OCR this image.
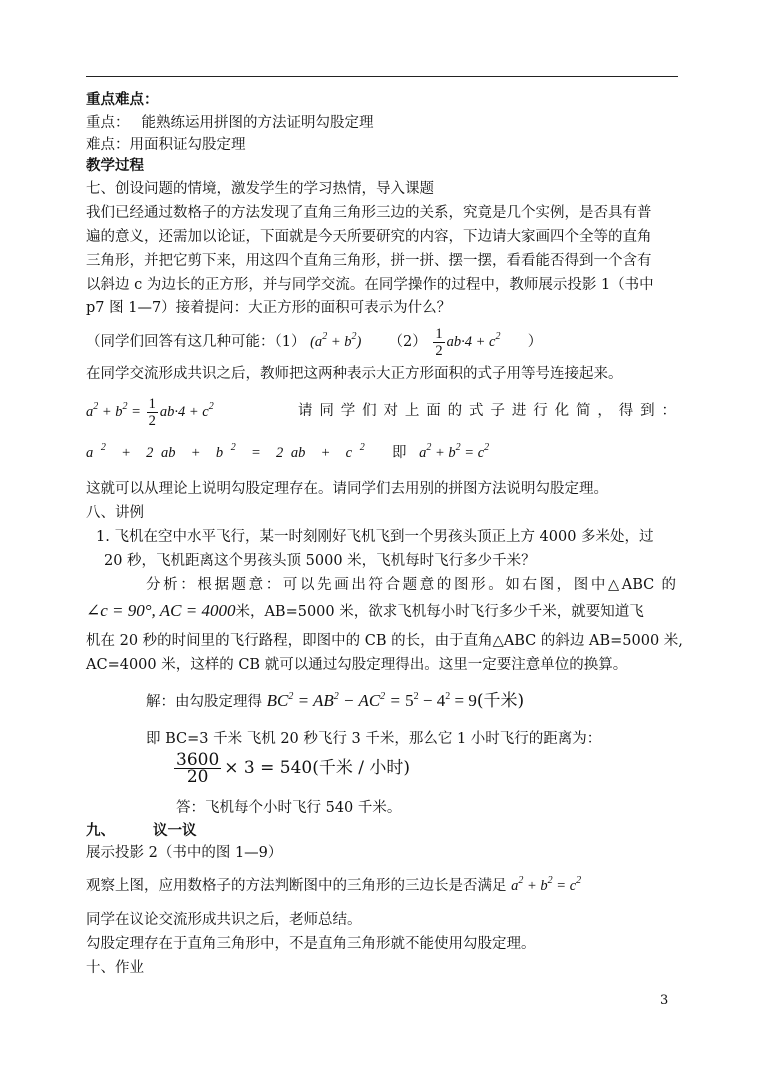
重点难点：
重点： 能熟练运用拼图的方法证明勾股定理
难点：用面积证勾股定理
教学过程
七、创设问题的情境，激发学生的学习热情，导入课题
我们已经通过数格子的方法发现了直角三角形三边的关系，究竟是几个实例，是否具有普
遍的意义，还需加以论证，下面就是今天所要研究的内容，下边请大家画四个全等的直角
三角形，并把它剪下来，用这四个直角三角形，拼一拼、摆一摆，看看能否得到一个含有
以斜边 c 为边长的正方形，并与同学交流。在同学操作的过程中，教师展示投影 1（书中
p7 图 1—7）接着提问：大正方形的面积可表示为什么？
（同学们回答有这几种可能：（1） $(a^2 + b^2)$ $(2) \frac{1}{2} ab\cdot 4 + c^2$ ）
在同学交流形成共识之后，教师把这两种表示大正方形面积的式子用等号连接起来。
$a^2 + b^2 = \frac{1}{2} ab\cdot 4 + c^2$	请 同 学 们 对 上 面 的 式 子 进 行 化 简 ， 得 到 ：
a $^2$  +  2 ab  +  b $^2$  =  2 ab  +  c $^2$ 即 $a^2 + b^2 = c^2$
这就可以从理论上说明勾股定理存在。请同学们去用别的拼图方法说明勾股定理。
八、讲例
1. 飞机在空中水平飞行，某一时刻刚好飞机飞到一个男孩头顶正上方 4000 多米处，过
20 秒，飞机距离这个男孩头顶 5000 米，飞机每时飞行多少千米？
分析：根据题意：可以先画出符合题意的图形。如右图，图中△ABC 的
∠c = 90°, AC = 4000米，AB=5000 米，欲求飞机每小时飞行多少千米，就要知道飞
机在 20 秒的时间里的飞行路程，即图中的 CB 的长，由于直角△ABC 的斜边 AB=5000 米,
AC=4000 米，这样的 CB 就可以通过勾股定理得出。这里一定要注意单位的换算。
解：由勾股定理得 $BC^2 = AB^2 - AC^2 = 5^2 - 4^2 = 9$(千米)
即 BC=3 千米 飞机 20 秒飞行 3 千米，那么它 1 小时飞行的距离为：
$\frac{3600}{20} \times 3 = 540$(千米 / 小时)
答：飞机每个小时飞行 540 千米。
九、	议一议
展示投影 2（书中的图 1—9）
观察上图，应用数格子的方法判断图中的三角形的三边长是否满足 $a^2 + b^2 = c^2$
同学在议论交流形成共识之后，老师总结。
勾股定理存在于直角三角形中，不是直角三角形就不能使用勾股定理。
十、作业
3
